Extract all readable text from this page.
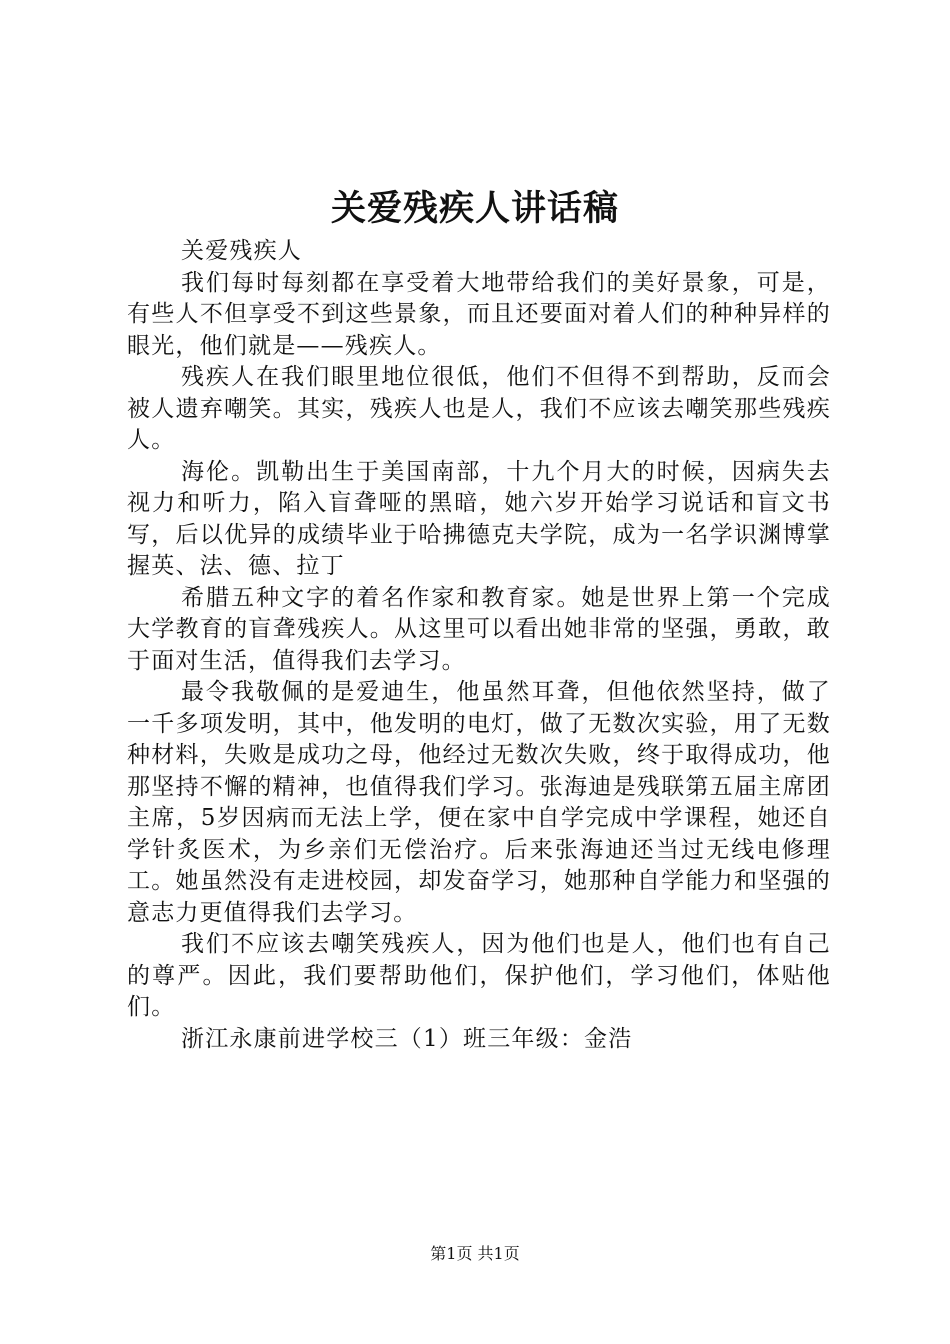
关爱残疾人讲话稿

关爱残疾人

我们每时每刻都在享受着大地带给我们的美好景象，可是，有些人不但享受不到这些景象，而且还要面对着人们的种种异样的眼光，他们就是——残疾人。

残疾人在我们眼里地位很低，他们不但得不到帮助，反而会被人遗弃嘲笑。其实，残疾人也是人，我们不应该去嘲笑那些残疾人。

海伦。凯勒出生于美国南部，十九个月大的时候，因病失去视力和听力，陷入盲聋哑的黑暗，她六岁开始学习说话和盲文书写，后以优异的成绩毕业于哈拂德克夫学院，成为一名学识渊博掌握英、法、德、拉丁

希腊五种文字的着名作家和教育家。她是世界上第一个完成大学教育的盲聋残疾人。从这里可以看出她非常的坚强，勇敢，敢于面对生活，值得我们去学习。

最令我敬佩的是爱迪生，他虽然耳聋，但他依然坚持，做了一千多项发明，其中，他发明的电灯，做了无数次实验，用了无数种材料，失败是成功之母，他经过无数次失败，终于取得成功，他那坚持不懈的精神，也值得我们学习。张海迪是残联第五届主席团主席，5岁因病而无法上学，便在家中自学完成中学课程，她还自学针炙医术，为乡亲们无偿治疗。后来张海迪还当过无线电修理工。她虽然没有走进校园，却发奋学习，她那种自学能力和坚强的意志力更值得我们去学习。

我们不应该去嘲笑残疾人，因为他们也是人，他们也有自己的尊严。因此，我们要帮助他们，保护他们，学习他们，体贴他们。

浙江永康前进学校三（1）班三年级：金浩

第1页 共1页
